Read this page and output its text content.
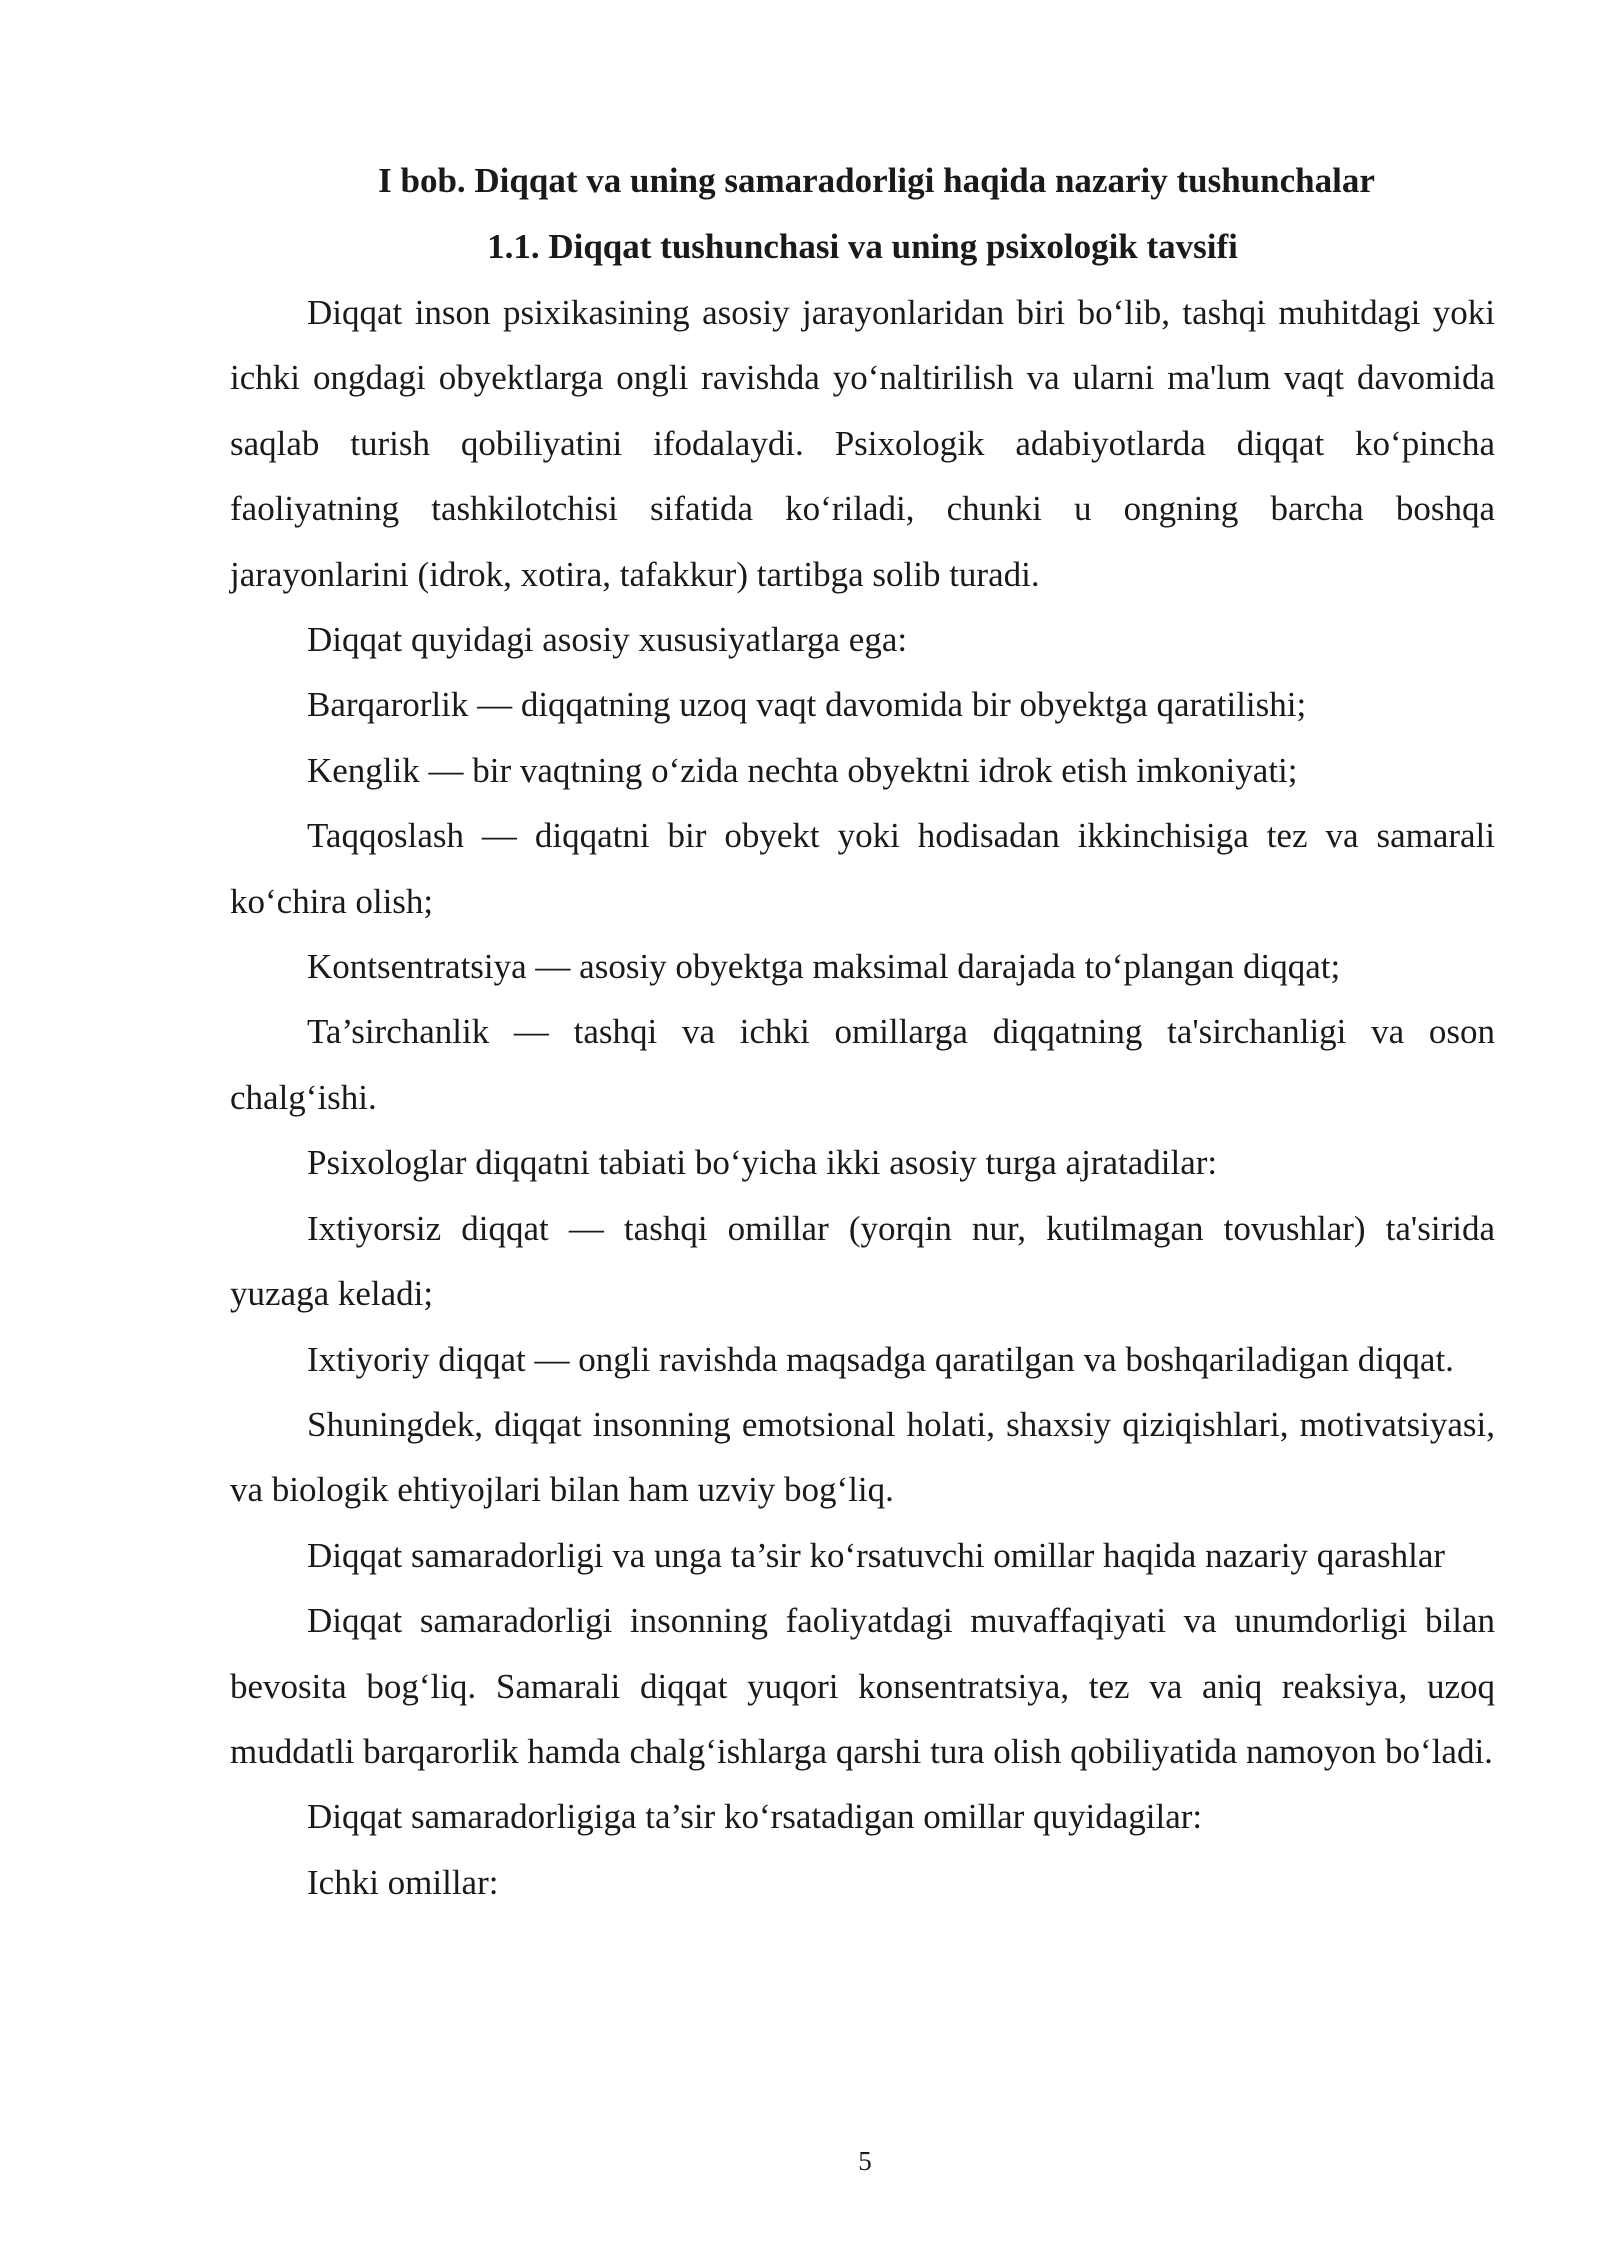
I bob. Diqqat va uning samaradorligi haqida nazariy tushunchalar
1.1. Diqqat tushunchasi va uning psixologik tavsifi

Diqqat inson psixikasining asosiy jarayonlaridan biri bo‘lib, tashqi muhitdagi yoki ichki ongdagi obyektlarga ongli ravishda yo‘naltirilish va ularni ma'lum vaqt davomida saqlab turish qobiliyatini ifodalaydi. Psixologik adabiyotlarda diqqat ko‘pincha faoliyatning tashkilotchisi sifatida ko‘riladi, chunki u ongning barcha boshqa jarayonlarini (idrok, xotira, tafakkur) tartibga solib turadi.

Diqqat quyidagi asosiy xususiyatlarga ega:

Barqarorlik — diqqatning uzoq vaqt davomida bir obyektga qaratilishi;

Kenglik — bir vaqtning o‘zida nechta obyektni idrok etish imkoniyati;

Taqqoslash — diqqatni bir obyekt yoki hodisadan ikkinchisiga tez va samarali ko‘chira olish;

Kontsentratsiya — asosiy obyektga maksimal darajada to‘plangan diqqat;

Ta’sirchanlik — tashqi va ichki omillarga diqqatning ta'sirchanligi va oson chalg‘ishi.

Psixologlar diqqatni tabiati bo‘yicha ikki asosiy turga ajratadilar:

Ixtiyorsiz diqqat — tashqi omillar (yorqin nur, kutilmagan tovushlar) ta'sirida yuzaga keladi;

Ixtiyoriy diqqat — ongli ravishda maqsadga qaratilgan va boshqariladigan diqqat.

Shuningdek, diqqat insonning emotsional holati, shaxsiy qiziqishlari, motivatsiyasi, va biologik ehtiyojlari bilan ham uzviy bog‘liq.

Diqqat samaradorligi va unga ta’sir ko‘rsatuvchi omillar haqida nazariy qarashlar

Diqqat samaradorligi insonning faoliyatdagi muvaffaqiyati va unumdorligi bilan bevosita bog‘liq. Samarali diqqat yuqori konsentratsiya, tez va aniq reaksiya, uzoq muddatli barqarorlik hamda chalg‘ishlarga qarshi tura olish qobiliyatida namoyon bo‘ladi.

Diqqat samaradorligiga ta’sir ko‘rsatadigan omillar quyidagilar:

Ichki omillar:

5
